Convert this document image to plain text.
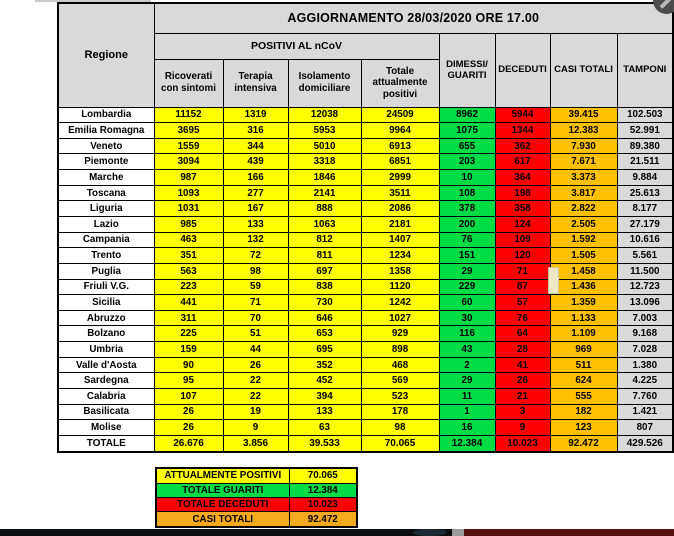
Regione	AGGIORNAMENTO 28/03/2020 ORE 17.00							
	POSITIVI AL nCoV				DIMESSI/ GUARITI	DECEDUTI	CASI TOTALI	TAMPONI
	Ricoverati con sintomi	Terapia intensiva	Isolamento domiciliare	Totale attualmente positivi				
Lombardia	11152	1319	12038	24509	8962	5944	39.415	102.503
Emilia Romagna	3695	316	5953	9964	1075	1344	12.383	52.991
Veneto	1559	344	5010	6913	655	362	7.930	89.380
Piemonte	3094	439	3318	6851	203	617	7.671	21.511
Marche	987	166	1846	2999	10	364	3.373	9.884
Toscana	1093	277	2141	3511	108	198	3.817	25.613
Liguria	1031	167	888	2086	378	358	2.822	8.177
Lazio	985	133	1063	2181	200	124	2.505	27.179
Campania	463	132	812	1407	76	109	1.592	10.616
Trento	351	72	811	1234	151	120	1.505	5.561
Puglia	563	98	697	1358	29	71	1.458	11.500
Friuli V.G.	223	59	838	1120	229	87	1.436	12.723
Sicilia	441	71	730	1242	60	57	1.359	13.096
Abruzzo	311	70	646	1027	30	76	1.133	7.003
Bolzano	225	51	653	929	116	64	1.109	9.168
Umbria	159	44	695	898	43	28	969	7.028
Valle d'Aosta	90	26	352	468	2	41	511	1.380
Sardegna	95	22	452	569	29	26	624	4.225
Calabria	107	22	394	523	11	21	555	7.760
Basilicata	26	19	133	178	1	3	182	1.421
Molise	26	9	63	98	16	9	123	807
TOTALE	26.676	3.856	39.533	70.065	12.384	10.023	92.472	429.526
ATTUALMENTE POSITIVI	70.065
TOTALE GUARITI	12.384
TOTALE DECEDUTI	10.023
CASI TOTALI	92.472
